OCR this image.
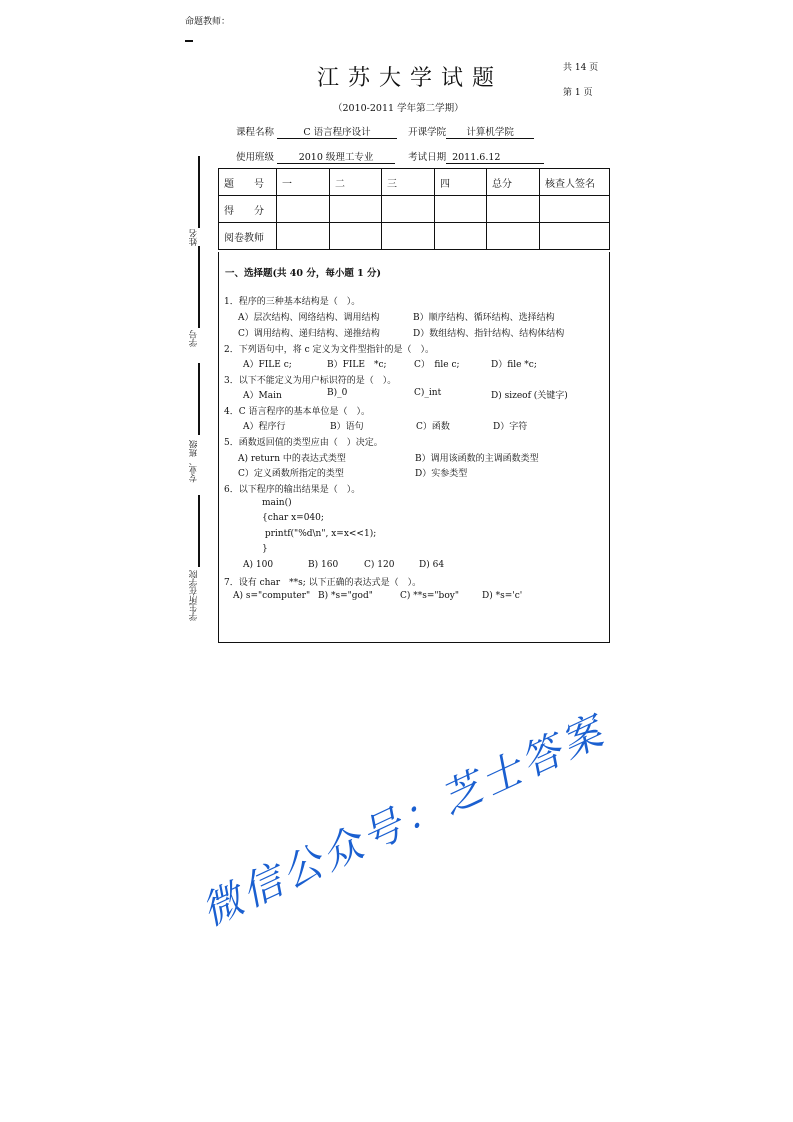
命题教师：
江苏大学试题	共 14 页
第 1 页
（2010-2011 学年第二学期）
课程名称	C 语言程序设计	开课学院 计算机学院
使用班级	2010 级理工专业	考试日期 2011.6.12
姓名
学号
专业、班级
学生所在学院
题　　号	一	二	三	四	总分	核查人签名
得　　分						
阅卷教师						
一、选择题(共 40 分，每小题 1 分)
1．程序的三种基本结构是（　）。
A）层次结构、网络结构、调用结构	B）顺序结构、循环结构、选择结构
C）调用结构、递归结构、递推结构	D）数组结构、指针结构、结构体结构
2．下列语句中，将 c 定义为文件型指针的是（　）。
A）FILE c;	B）FILE　*c;	C）　file c;	D）file *c;
3．以下不能定义为用户标识符的是（　）。
A）Main	B)_0	C)_int	D) sizeof (关键字)
4．C 语言程序的基本单位是（　）。
A）程序行	B）语句	C）函数	D）字符
5．函数返回值的类型应由（　）决定。
A) return 中的表达式类型	B）调用该函数的主调函数类型
C）定义函数所指定的类型	D）实参类型
6．以下程序的输出结果是（　）。
main()
{char x=040;
printf("%d\n", x=x<<1);
}
A) 100	B) 160	C) 120	D) 64
7．设有 char　**s; 以下正确的表达式是（　）。
A) s="computer" B) *s="god"	C) **s="boy"	D) *s='c'
微信公众号：芝士答案
